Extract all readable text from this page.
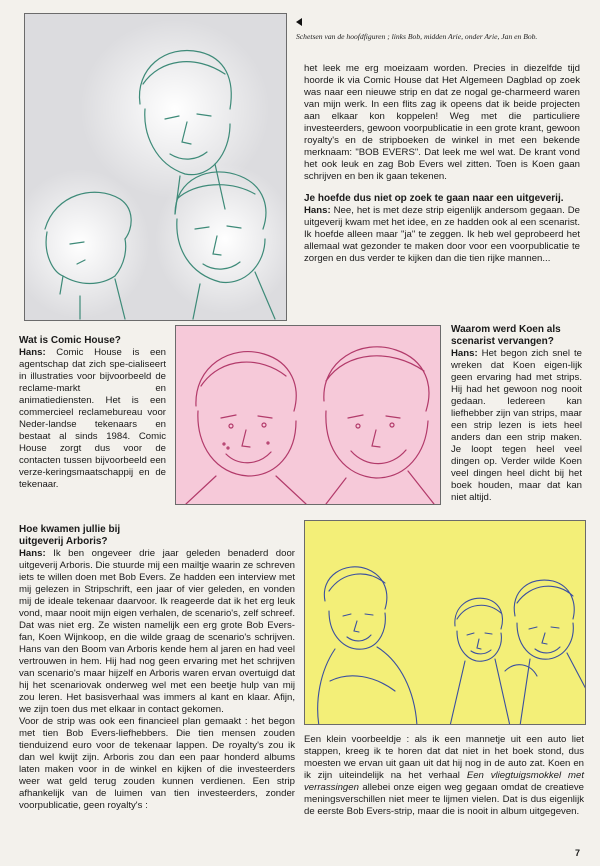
Schetsen van de hoofdfiguren ; links Bob, midden Arie, onder Arie, Jan en Bob.

het leek me erg moeizaam worden. Precies in diezelfde tijd hoorde ik via Comic House dat Het Algemeen Dagblad op zoek was naar een nieuwe strip en dat ze nogal ge-charmeerd waren van mijn werk. In een flits zag ik opeens dat ik beide projecten aan elkaar kon koppelen! Weg met die particuliere investeerders, gewoon voorpublicatie in een grote krant, gewoon royalty's en de stripboeken de winkel in met een bekende merknaam: "BOB EVERS". Dat leek me wel wat. De krant vond het ook leuk en zag Bob Evers wel zitten. Toen is Koen gaan schrijven en ben ik gaan tekenen.

Je hoefde dus niet op zoek te gaan naar een uitgeverij.

Hans: Nee, het is met deze strip eigenlijk andersom gegaan. De uitgeverij kwam met het idee, en ze hadden ook al een scenarist. Ik hoefde alleen maar "ja" te zeggen. Ik heb wel geprobeerd het allemaal wat gezonder te maken door voor een voorpublicatie te zorgen en dus verder te kijken dan die tien rijke mannen...

Wat is Comic House?

Hans: Comic House is een agentschap dat zich spe-cialiseert in illustraties voor bijvoorbeeld de reclame-markt en animatiediensten. Het is een commercieel reclamebureau voor Neder-landse tekenaars en bestaat al sinds 1984. Comic House zorgt dus voor de contacten tussen bijvoorbeeld een verze-keringsmaatschappij en de tekenaar.

Waarom werd Koen als scenarist vervangen?

Hans: Het begon zich snel te wreken dat Koen eigen-lijk geen ervaring had met strips. Hij had het gewoon nog nooit gedaan. Iedereen kan liefhebber zijn van strips, maar een strip lezen is iets heel anders dan een strip maken. Je loopt tegen heel veel dingen op. Verder wilde Koen veel dingen heel dicht bij het boek houden, maar dat kan niet altijd.

Hoe kwamen jullie bij uitgeverij Arboris?

Hans: Ik ben ongeveer drie jaar geleden benaderd door uitgeverij Arboris. Die stuurde mij een mailtje waarin ze schreven iets te willen doen met Bob Evers. Ze hadden een interview met mij gelezen in Stripschrift, een jaar of vier geleden, en vonden mij de ideale tekenaar daarvoor. Ik reageerde dat ik het erg leuk vond, maar nooit mijn eigen verhalen, de scenario's, zelf schreef. Dat was niet erg. Ze wisten namelijk een erg grote Bob Evers-fan, Koen Wijnkoop, en die wilde graag de scenario's schrijven. Hans van den Boom van Arboris kende hem al jaren en had veel vertrouwen in hem. Hij had nog geen ervaring met het schrijven van scenario's maar hijzelf en Arboris waren ervan overtuigd dat hij het scenariovak onderweg wel met een beetje hulp van mij zou leren. Het basisverhaal was immers al kant en klaar. Afijn, we zijn toen dus met elkaar in contact gekomen.

Voor de strip was ook een financieel plan gemaakt : het begon met tien Bob Evers-liefhebbers. Die tien mensen zouden tienduizend euro voor de tekenaar lappen. De royalty's zou ik dan wel kwijt zijn. Arboris zou dan een paar honderd albums laten maken voor in de winkel en kijken of die investeerders weer wat geld terug zouden kunnen verdienen. Een strip afhankelijk van de luimen van tien investeerders, zonder voorpublicatie, geen royalty's :

Een klein voorbeeldje : als ik een mannetje uit een auto liet stappen, kreeg ik te horen dat dat niet in het boek stond, dus moesten we ervan uit gaan uit dat hij nog in de auto zat. Koen en ik zijn uiteindelijk na het verhaal Een vliegtuigsmokkel met verrassingen allebei onze eigen weg gegaan omdat de creatieve meningsverschillen niet meer te lijmen vielen. Dat is dus eigenlijk de eerste Bob Evers-strip, maar die is nooit in album uitgegeven.

7
